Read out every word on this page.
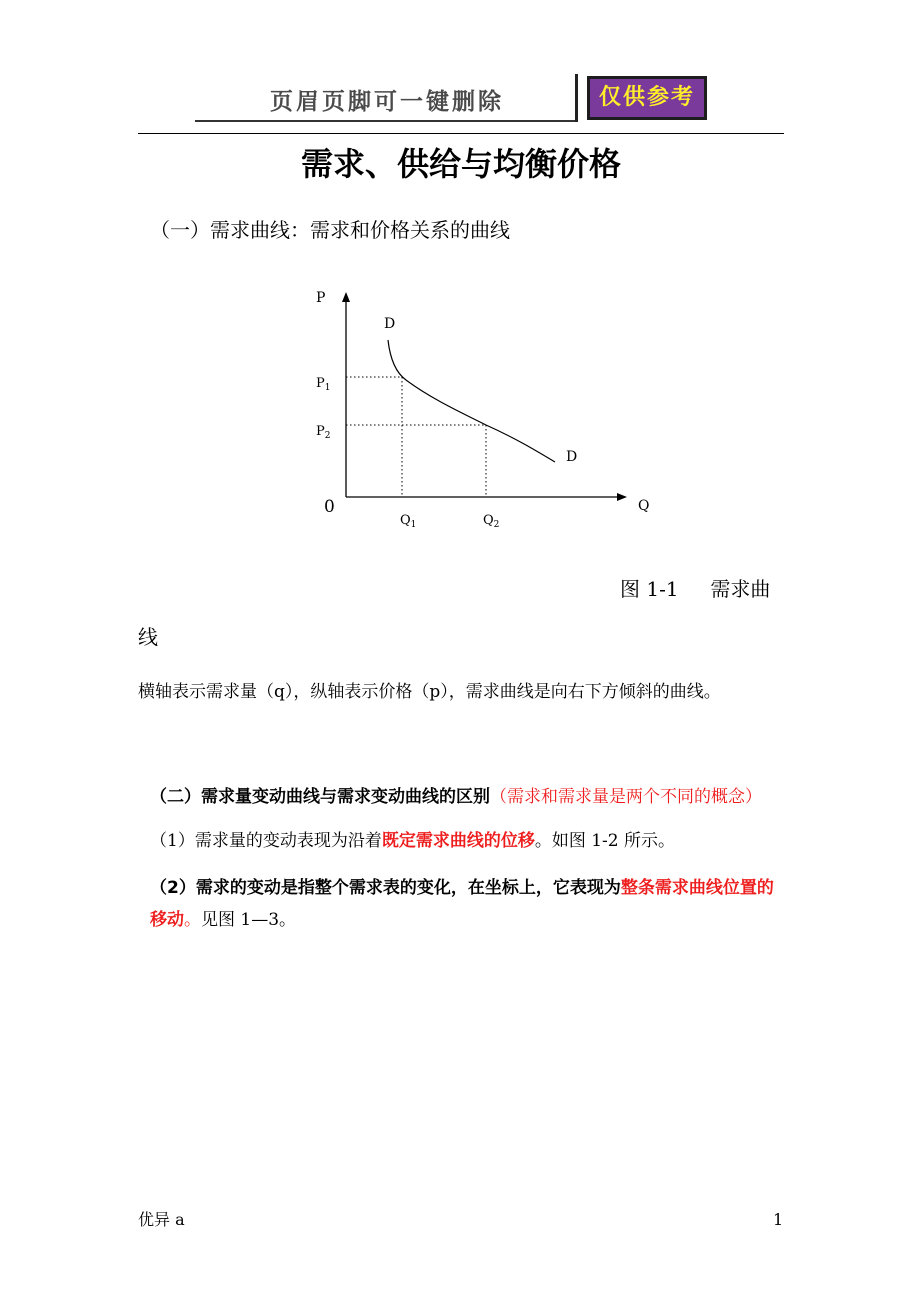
页眉页脚可一键删除	仅供参考
需求、供给与均衡价格
（一）需求曲线：需求和价格关系的曲线
P
Q
0
D
D
$P_1$
$P_2$
$Q_1$	$Q_2$
图 1-1     需求曲
线
横轴表示需求量（q），纵轴表示价格（p），需求曲线是向右下方倾斜的曲线。
（二）需求量变动曲线与需求变动曲线的区别（需求和需求量是两个不同的概念）
（1）需求量的变动表现为沿着既定需求曲线的位移。如图 1-2 所示。
（2）需求的变动是指整个需求表的变化，在坐标上，它表现为整条需求曲线位置的移动。见图 1—3。
优异 a	1
